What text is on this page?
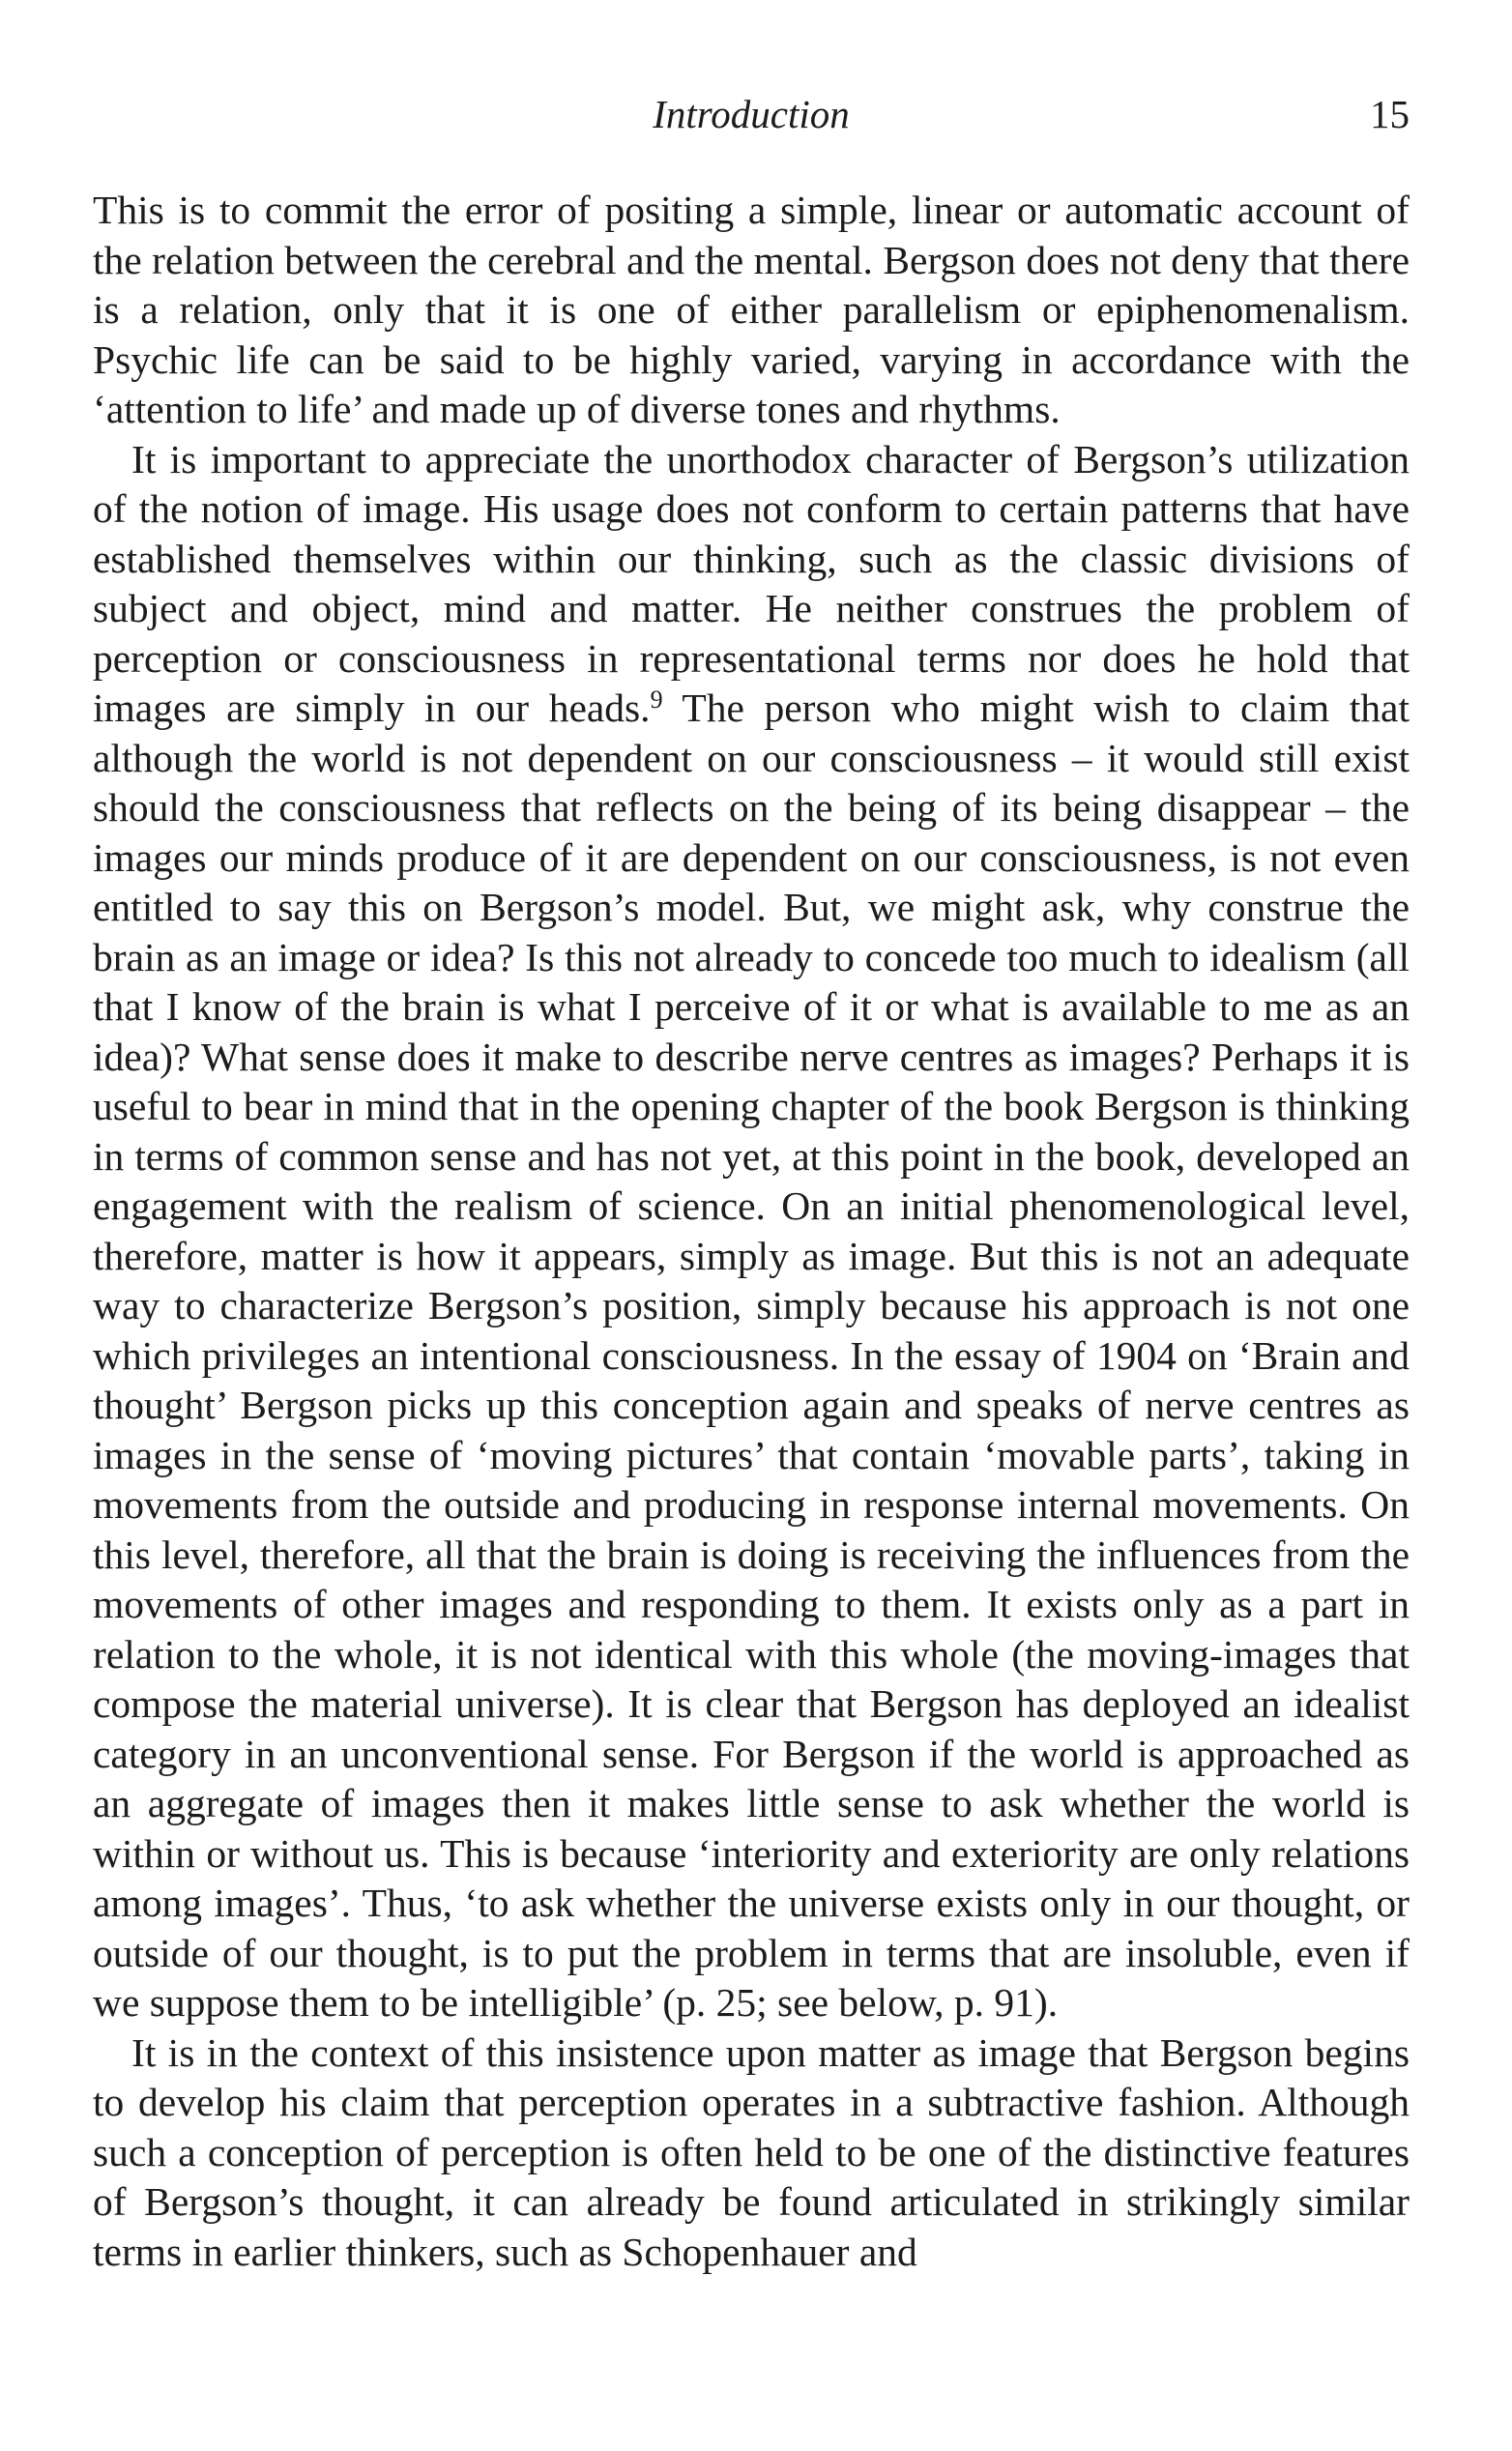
Introduction	15

This is to commit the error of positing a simple, linear or automatic account of the relation between the cerebral and the mental. Bergson does not deny that there is a relation, only that it is one of either parallelism or epiphenomenalism. Psychic life can be said to be highly varied, varying in accordance with the ‘attention to life’ and made up of diverse tones and rhythms.

It is important to appreciate the unorthodox character of Bergson’s utilization of the notion of image. His usage does not conform to certain patterns that have established themselves within our thinking, such as the classic divisions of subject and object, mind and matter. He neither construes the problem of perception or consciousness in representational terms nor does he hold that images are simply in our heads.$^9$ The person who might wish to claim that although the world is not dependent on our consciousness – it would still exist should the consciousness that reflects on the being of its being disappear – the images our minds produce of it are dependent on our consciousness, is not even entitled to say this on Bergson’s model. But, we might ask, why construe the brain as an image or idea? Is this not already to concede too much to idealism (all that I know of the brain is what I perceive of it or what is available to me as an idea)? What sense does it make to describe nerve centres as images? Perhaps it is useful to bear in mind that in the opening chapter of the book Bergson is thinking in terms of common sense and has not yet, at this point in the book, developed an engagement with the realism of science. On an initial phenomenological level, therefore, matter is how it appears, simply as image. But this is not an adequate way to characterize Bergson’s position, simply because his approach is not one which privileges an intentional consciousness. In the essay of 1904 on ‘Brain and thought’ Bergson picks up this conception again and speaks of nerve centres as images in the sense of ‘moving pictures’ that contain ‘movable parts’, taking in movements from the outside and producing in response internal movements. On this level, therefore, all that the brain is doing is receiving the influences from the movements of other images and responding to them. It exists only as a part in relation to the whole, it is not identical with this whole (the moving-images that compose the material universe). It is clear that Bergson has deployed an idealist category in an unconventional sense. For Bergson if the world is approached as an aggregate of images then it makes little sense to ask whether the world is within or without us. This is because ‘interiority and exteriority are only relations among images’. Thus, ‘to ask whether the universe exists only in our thought, or outside of our thought, is to put the problem in terms that are insoluble, even if we suppose them to be intelligible’ (p. 25; see below, p. 91).

It is in the context of this insistence upon matter as image that Bergson begins to develop his claim that perception operates in a subtractive fashion. Although such a conception of perception is often held to be one of the distinctive features of Bergson’s thought, it can already be found articulated in strikingly similar terms in earlier thinkers, such as Schopenhauer and
